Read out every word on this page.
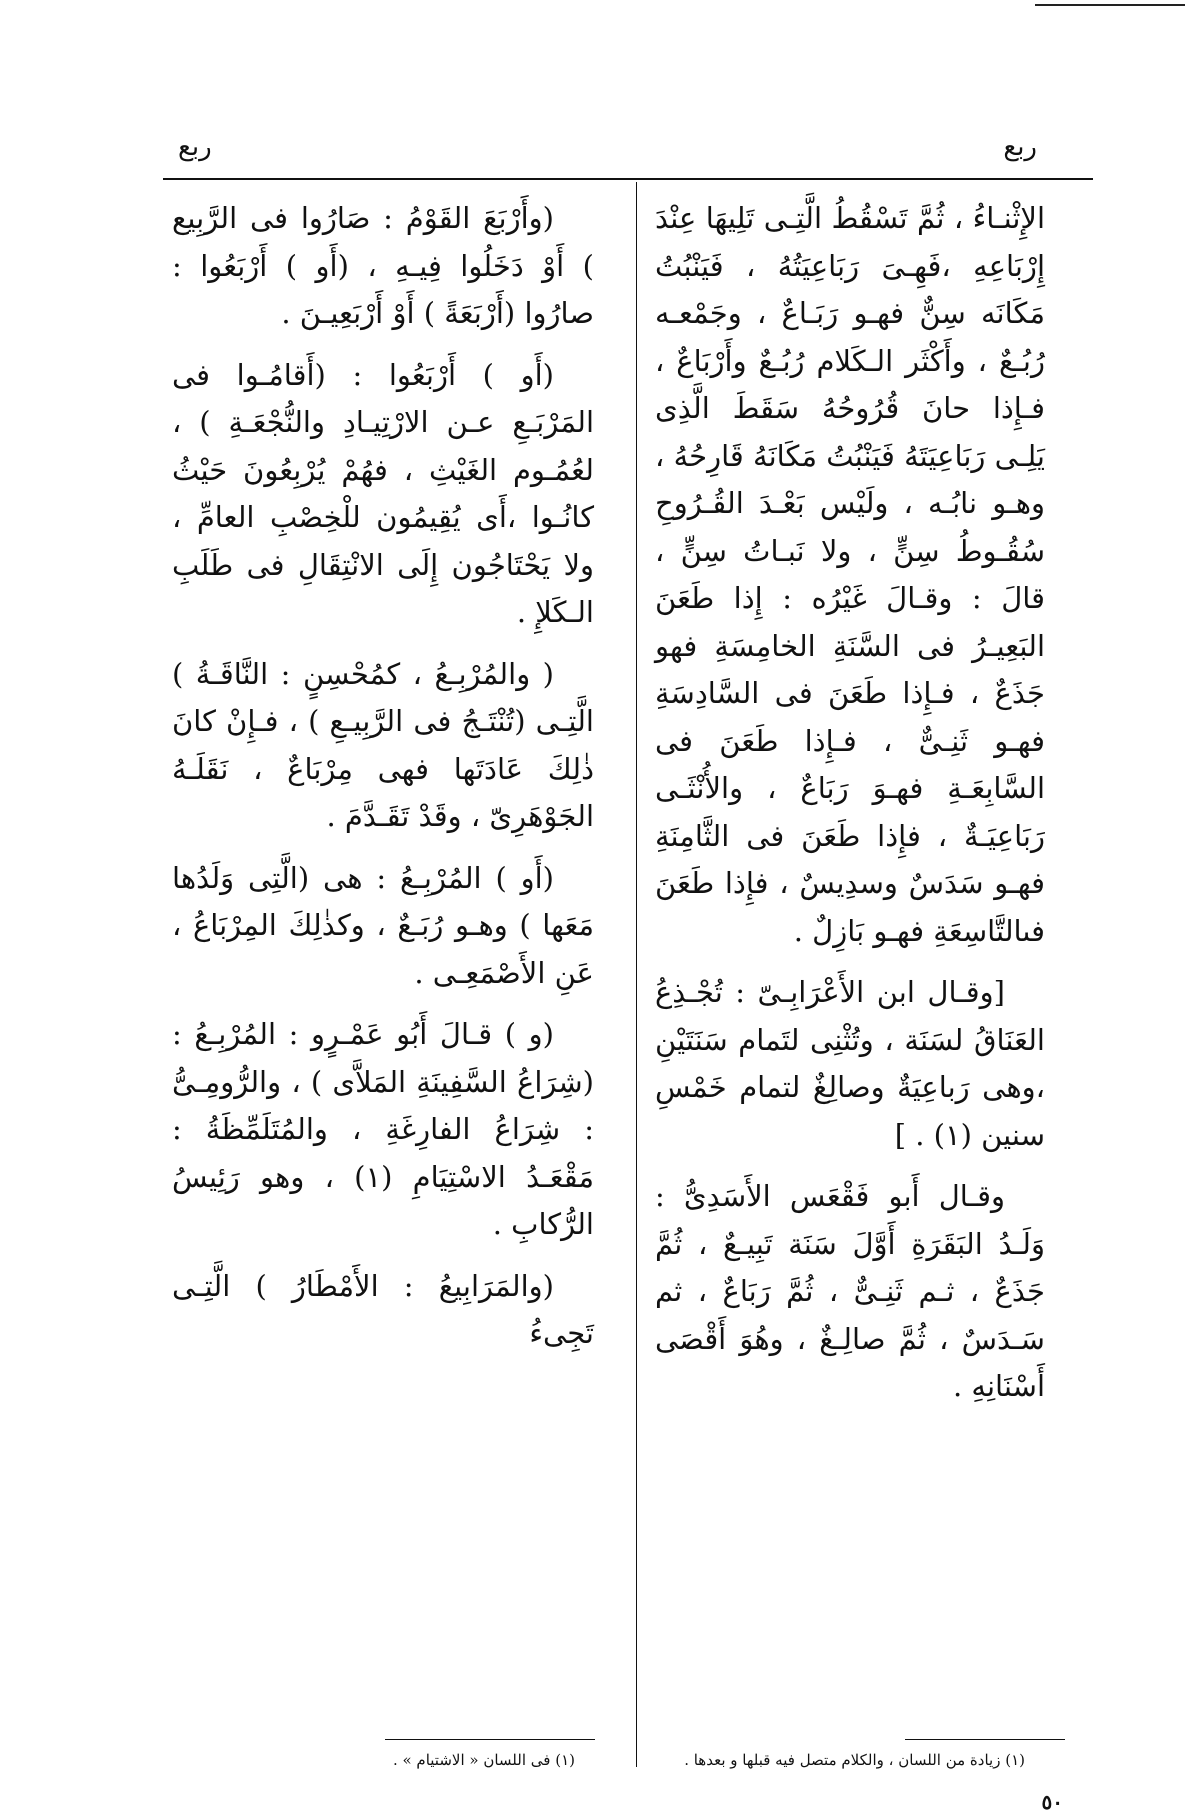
ربع
ربع

الإِثْنـاءُ ، ثُمَّ تَسْقُطُ الَّتِـى تَلِيهَا عِنْدَ إِرْبَاعِهِ ،فَهِـىَ رَبَاعِيَتُهُ ، فَيَنْبُتُ مَكَانَه سِنٌّ فهـو رَبَـاعٌ ، وجَمْعـه رُبُـعٌ ، وأَكْثَر الـكَلام رُبُـعٌ وأَرْبَاعٌ ، فـإِذا حانَ قُرُوحُهُ سَقَطَ الَّذِى يَلِـى رَبَاعِيَتَهُ فَيَنْبُتُ مَكَانَهُ قَارِحُهُ ، وهـو نابُـه ، ولَيْس بَعْـدَ القُـرُوحِ سُقُـوطُ سِنٍّ ، ولا نَبـاتُ سِنٍّ ، قالَ : وقـالَ غَيْرُه : إِذا طَعَنَ البَعِيـرُ فى السَّنَةِ الخامِسَةِ فهو جَذَعٌ ، فـإِذا طَعَنَ فى السَّادِسَةِ فهـو ثَنِـىٌّ ، فـإِذا طَعَنَ فى السَّابِعَـةِ فهـوَ رَبَاعٌ ، والأُنْثَـى رَبَاعِيَـةٌ ، فإِذا طَعَنَ فى الثَّامِنَةِ فهـو سَدَسٌ وسدِيسٌ ، فإِذا طَعَنَ فىالتَّاسِعَةِ فهـو بَازِلٌ .

[وقـال ابن الأَعْرَابِـىّ : تُجْـذِعُ العَنَاقُ لسَنَة ، وتُثْنِى لتَمام سَنَتَيْنِ ،وهى رَباعِيَةٌ وصالِغٌ لتمام خَمْسِ سنين (١) . ]

وقـال أَبو فَقْعَس الأَسَدِىُّ : وَلَـدُ البَقَرَةِ أَوَّلَ سَنَة تَبِيـعٌ ، ثُمَّ جَذَعٌ ، ثـم ثَنِـىٌّ ، ثُمَّ رَبَاعٌ ، ثم سَـدَسٌ ، ثُمَّ صالِـغٌ ، وهُوَ أَقْصَى أَسْنَانِهِ .

(وأَرْبَعَ القَوْمُ : صَارُوا فى الرَّبِيع ) أَوْ دَخَلُوا فِيـهِ ، (أَو ) أَرْبَعُوا : صارُوا (أَرْبَعَةً ) أَوْ أَرْبَعِيـنَ .

(أَو ) أَرْبَعُوا : (أَقامُـوا فى المَرْبَـعِ عـن الارْتِيـادِ والنُّجْعَـةِ ) ، لعُمُـوم الغَيْثِ ، فهُمْ يُرْبِعُونَ حَيْثُ كانُـوا ،أَى يُقِيمُون للْخِصْبِ العامِّ ، ولا يَحْتَاجُون إِلَى الانْتِقَالِ فى طَلَبِ الـكَلإِ .

( والمُرْبِـعُ ، كمُحْسِنٍ : النَّاقَـةُ ) الَّتِـى (تُنْتَـجُ فى الرَّبِيـعِ ) ، فـإِنْ كانَ ذٰلِكَ عَادَتَها فهى مِرْبَاعٌ ، نَقَلَـهُ الجَوْهَرِىّ ، وقَدْ تَقَـدَّمَ .

(أَو ) المُرْبِـعُ : هى (الَّتِى وَلَدُها مَعَها ) وهـو رُبَـعٌ ، وكذٰلِكَ المِرْبَاعُ ، عَنِ الأَصْمَعِـى .

(و ) قـالَ أَبُو عَمْـرٍو : المُرْبِـعُ : (شِرَاعُ السَّفِينَةِ المَلاَّى ) ، والرُّومِـىُّ : شِرَاعُ الفارِغَةِ ، والمُتَلَمِّظَةُ : مَقْعَـدُ الاسْتِيَامِ (١) ، وهو رَئِيسُ الرُّكابِ .

(والمَرَابِيعُ : الأَمْطَارُ ) الَّتِـى تَجِىءُ

(١) زيادة من اللسان ، والكلام متصل فيه قبلها و بعدها .
(١) فى اللسان « الاشتيام » .
٥٠
